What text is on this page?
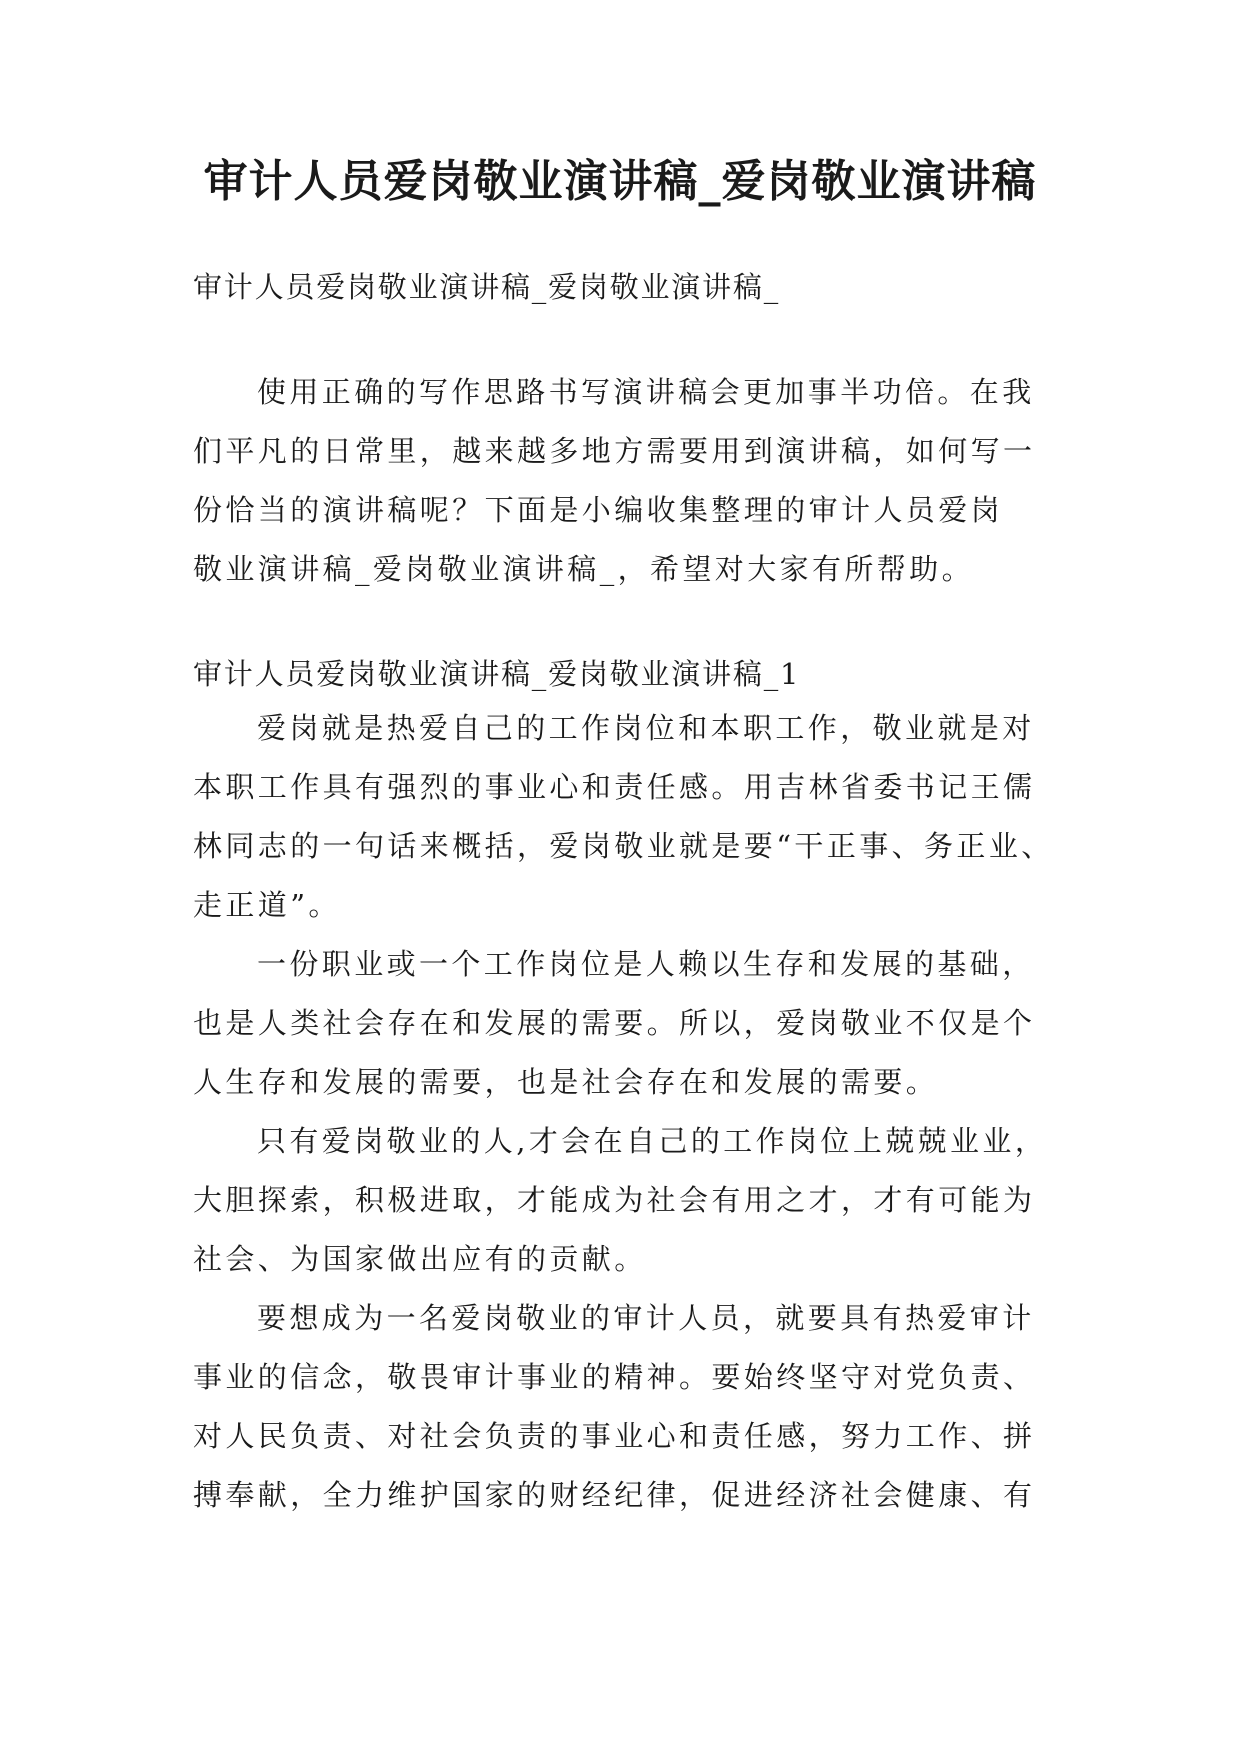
审计人员爱岗敬业演讲稿_爱岗敬业演讲稿

审计人员爱岗敬业演讲稿_爱岗敬业演讲稿_

使用正确的写作思路书写演讲稿会更加事半功倍。在我

们平凡的日常里，越来越多地方需要用到演讲稿，如何写一

份恰当的演讲稿呢？下面是小编收集整理的审计人员爱岗

敬业演讲稿_爱岗敬业演讲稿_，希望对大家有所帮助。

审计人员爱岗敬业演讲稿_爱岗敬业演讲稿_1

爱岗就是热爱自己的工作岗位和本职工作，敬业就是对

本职工作具有强烈的事业心和责任感。用吉林省委书记王儒

林同志的一句话来概括，爱岗敬业就是要“干正事、务正业、

走正道”。

一份职业或一个工作岗位是人赖以生存和发展的基础，

也是人类社会存在和发展的需要。所以，爱岗敬业不仅是个

人生存和发展的需要，也是社会存在和发展的需要。

只有爱岗敬业的人,才会在自己的工作岗位上兢兢业业，

大胆探索，积极进取，才能成为社会有用之才，才有可能为

社会、为国家做出应有的贡献。

要想成为一名爱岗敬业的审计人员，就要具有热爱审计

事业的信念，敬畏审计事业的精神。要始终坚守对党负责、

对人民负责、对社会负责的事业心和责任感，努力工作、拼

搏奉献，全力维护国家的财经纪律，促进经济社会健康、有
